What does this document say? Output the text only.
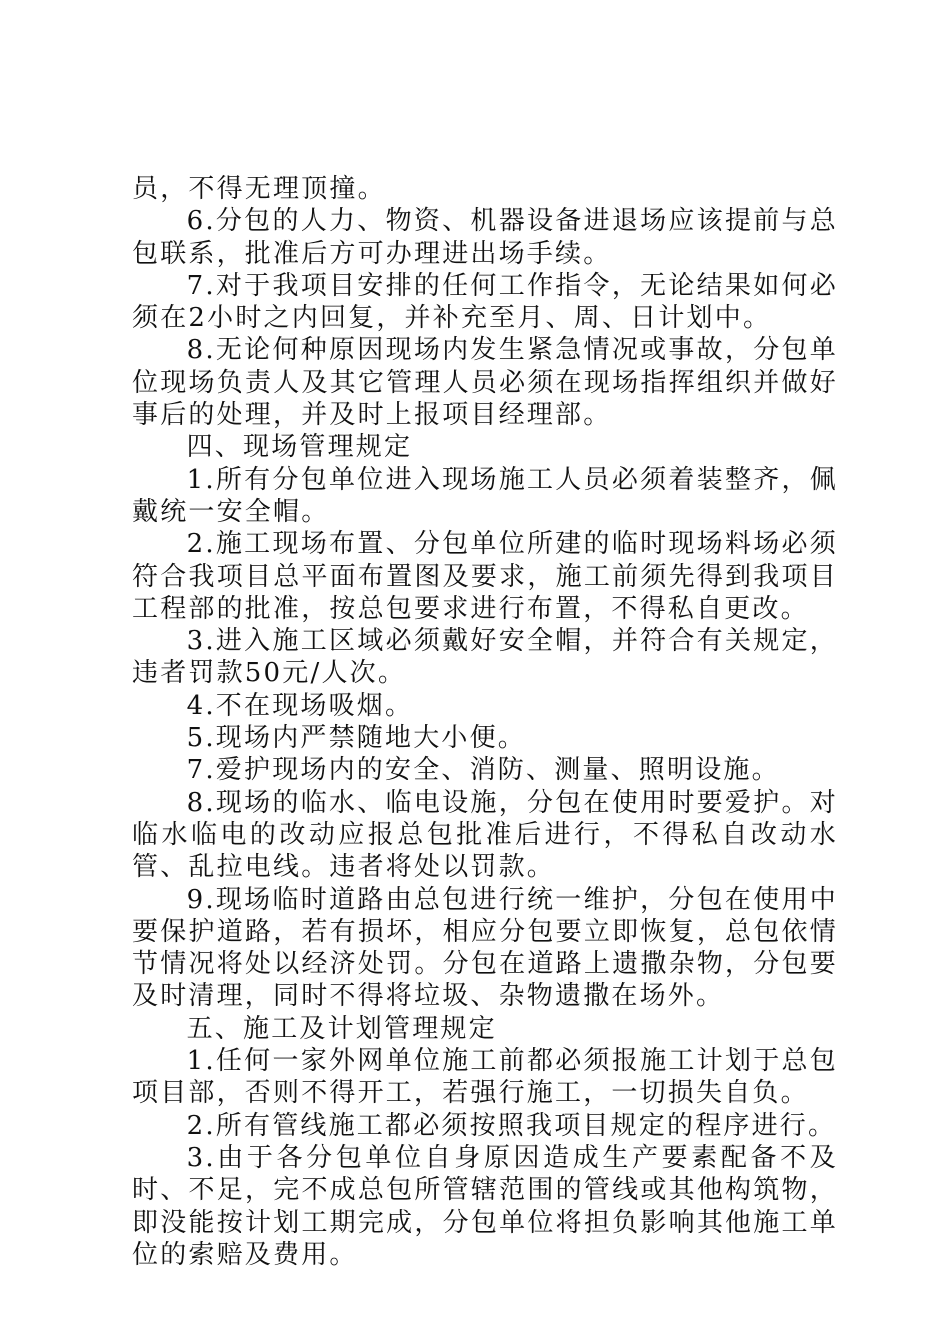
员，不得无理顶撞。

6.分包的人力、物资、机器设备进退场应该提前与总包联系，批准后方可办理进出场手续。

7.对于我项目安排的任何工作指令，无论结果如何必须在2小时之内回复，并补充至月、周、日计划中。

8.无论何种原因现场内发生紧急情况或事故，分包单位现场负责人及其它管理人员必须在现场指挥组织并做好事后的处理，并及时上报项目经理部。

四、现场管理规定

1.所有分包单位进入现场施工人员必须着装整齐，佩戴统一安全帽。

2.施工现场布置、分包单位所建的临时现场料场必须符合我项目总平面布置图及要求，施工前须先得到我项目工程部的批准，按总包要求进行布置，不得私自更改。

3.进入施工区域必须戴好安全帽，并符合有关规定，违者罚款50元/人次。

4.不在现场吸烟。

5.现场内严禁随地大小便。

7.爱护现场内的安全、消防、测量、照明设施。

8.现场的临水、临电设施，分包在使用时要爱护。对临水临电的改动应报总包批准后进行，不得私自改动水管、乱拉电线。违者将处以罚款。

9.现场临时道路由总包进行统一维护，分包在使用中要保护道路，若有损坏，相应分包要立即恢复，总包依情节情况将处以经济处罚。分包在道路上遗撒杂物，分包要及时清理，同时不得将垃圾、杂物遗撒在场外。

五、施工及计划管理规定

1.任何一家外网单位施工前都必须报施工计划于总包项目部，否则不得开工，若强行施工，一切损失自负。

2.所有管线施工都必须按照我项目规定的程序进行。

3.由于各分包单位自身原因造成生产要素配备不及时、不足，完不成总包所管辖范围的管线或其他构筑物，即没能按计划工期完成，分包单位将担负影响其他施工单位的索赔及费用。
